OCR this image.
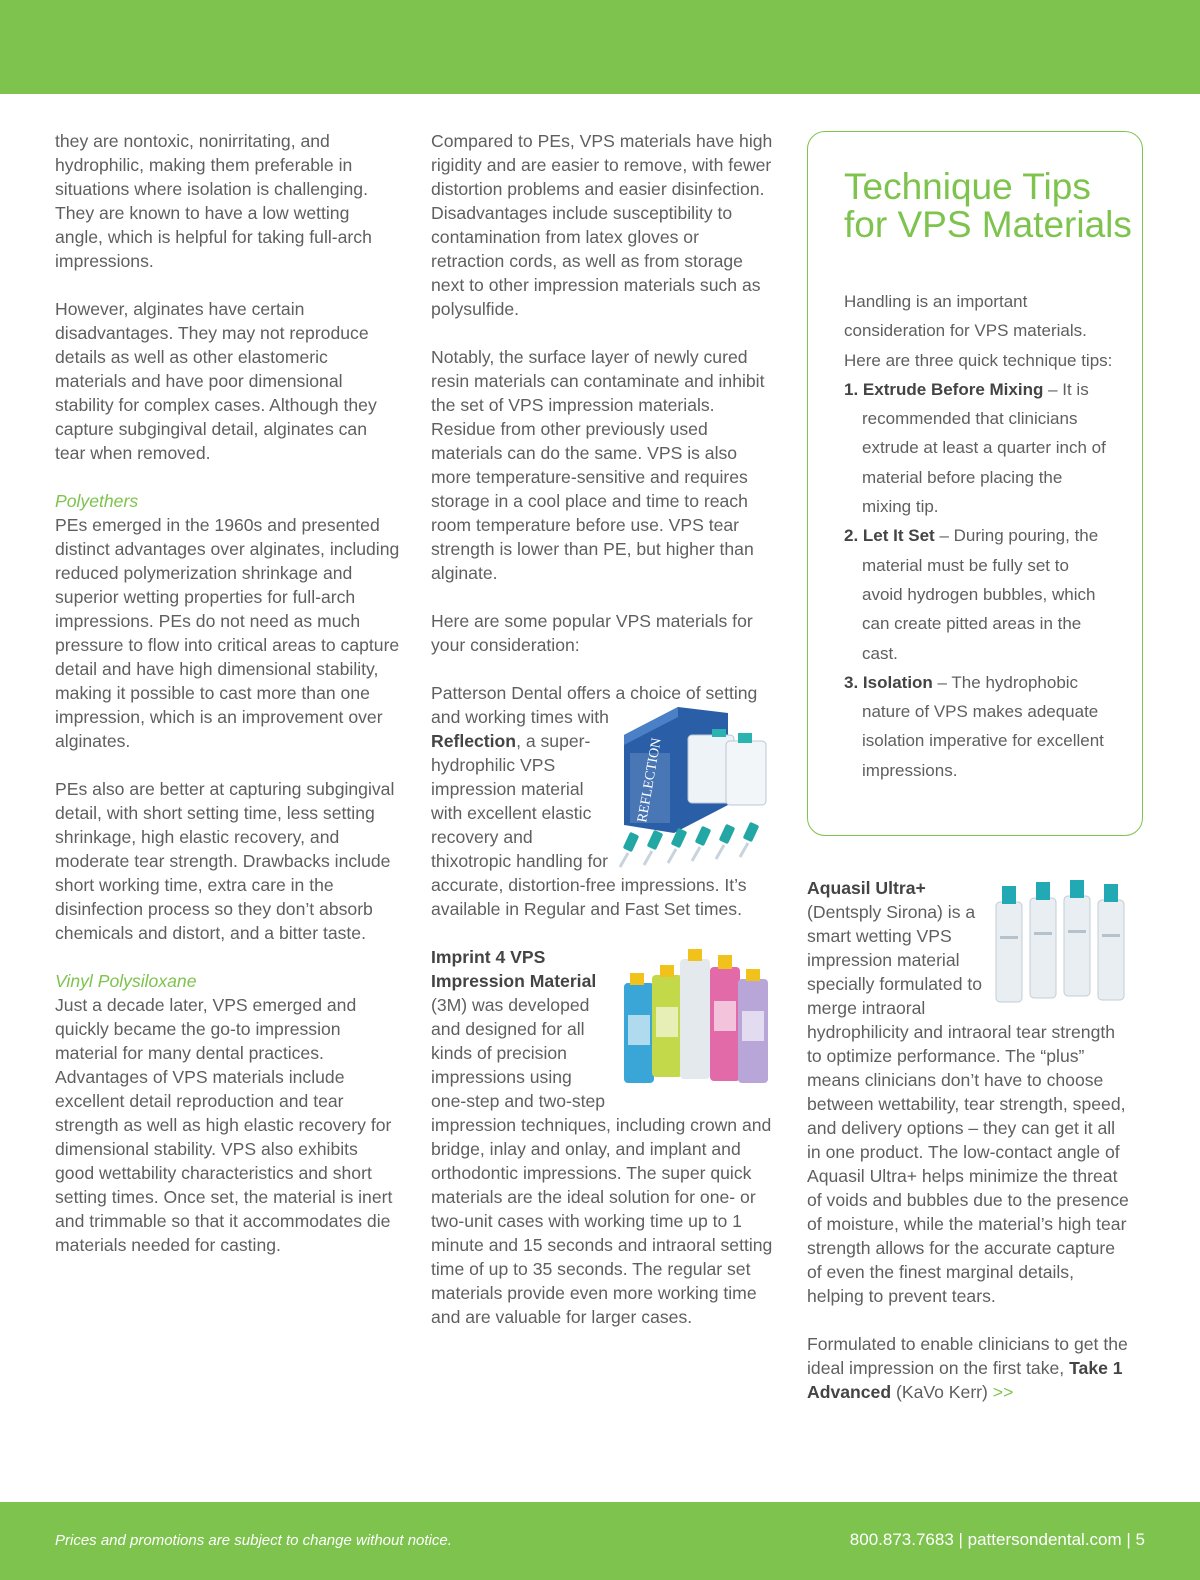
they are nontoxic, nonirritating, and hydrophilic, making them preferable in situations where isolation is challenging. They are known to have a low wetting angle, which is helpful for taking full-arch impressions.

However, alginates have certain disadvantages. They may not reproduce details as well as other elastomeric materials and have poor dimensional stability for complex cases. Although they capture subgingival detail, alginates can tear when removed.

Polyethers

PEs emerged in the 1960s and presented distinct advantages over alginates, including reduced polymerization shrinkage and superior wetting properties for full-arch impressions. PEs do not need as much pressure to flow into critical areas to capture detail and have high dimensional stability, making it possible to cast more than one impression, which is an improvement over alginates.

PEs also are better at capturing subgingival detail, with short setting time, less setting shrinkage, high elastic recovery, and moderate tear strength. Drawbacks include short working time, extra care in the disinfection process so they don’t absorb chemicals and distort, and a bitter taste.

Vinyl Polysiloxane

Just a decade later, VPS emerged and quickly became the go-to impression material for many dental practices. Advantages of VPS materials include excellent detail reproduction and tear strength as well as high elastic recovery for dimensional stability. VPS also exhibits good wettability characteristics and short setting times. Once set, the material is inert and trimmable so that it accommodates die materials needed for casting.

Compared to PEs, VPS materials have high rigidity and are easier to remove, with fewer distortion problems and easier disinfection. Disadvantages include susceptibility to contamination from latex gloves or retraction cords, as well as from storage next to other impression materials such as polysulfide.

Notably, the surface layer of newly cured resin materials can contaminate and inhibit the set of VPS impression materials. Residue from other previously used materials can do the same. VPS is also more temperature-sensitive and requires storage in a cool place and time to reach room temperature before use. VPS tear strength is lower than PE, but higher than alginate.

Here are some popular VPS materials for your consideration:

Patterson Dental offers a choice of setting and working times with
REFLECTION
Reflection, a super-hydrophilic VPS impression material with excellent elastic recovery and thixotropic handling for accurate, distortion-free impressions. It’s available in Regular and Fast Set times.

Imprint 4 VPS Impression Material (3M) was developed and designed for all kinds of precision impressions using one-step and two-step impression techniques, including crown and bridge, inlay and onlay, and implant and orthodontic impressions. The super quick materials are the ideal solution for one- or two-unit cases with working time up to 1 minute and 15 seconds and intraoral setting time of up to 35 seconds. The regular set materials provide even more working time and are valuable for larger cases.

Technique Tips for VPS Materials
Handling is an important consideration for VPS materials. Here are three quick technique tips:
1. Extrude Before Mixing – It is recommended that clinicians extrude at least a quarter inch of material before placing the mixing tip.
2. Let It Set – During pouring, the material must be fully set to avoid hydrogen bubbles, which can create pitted areas in the cast.
3. Isolation – The hydrophobic nature of VPS makes adequate isolation imperative for excellent impressions.

Aquasil Ultra+ (Dentsply Sirona) is a smart wetting VPS impression material specially formulated to merge intraoral hydrophilicity and intraoral tear strength to optimize performance. The “plus” means clinicians don’t have to choose between wettability, tear strength, speed, and delivery options – they can get it all in one product. The low-contact angle of Aquasil Ultra+ helps minimize the threat of voids and bubbles due to the presence of moisture, while the material’s high tear strength allows for the accurate capture of even the finest marginal details, helping to prevent tears.

Formulated to enable clinicians to get the ideal impression on the first take, Take 1 Advanced (KaVo Kerr) >>

Prices and promotions are subject to change without notice.	800.873.7683 | pattersondental.com | 5
